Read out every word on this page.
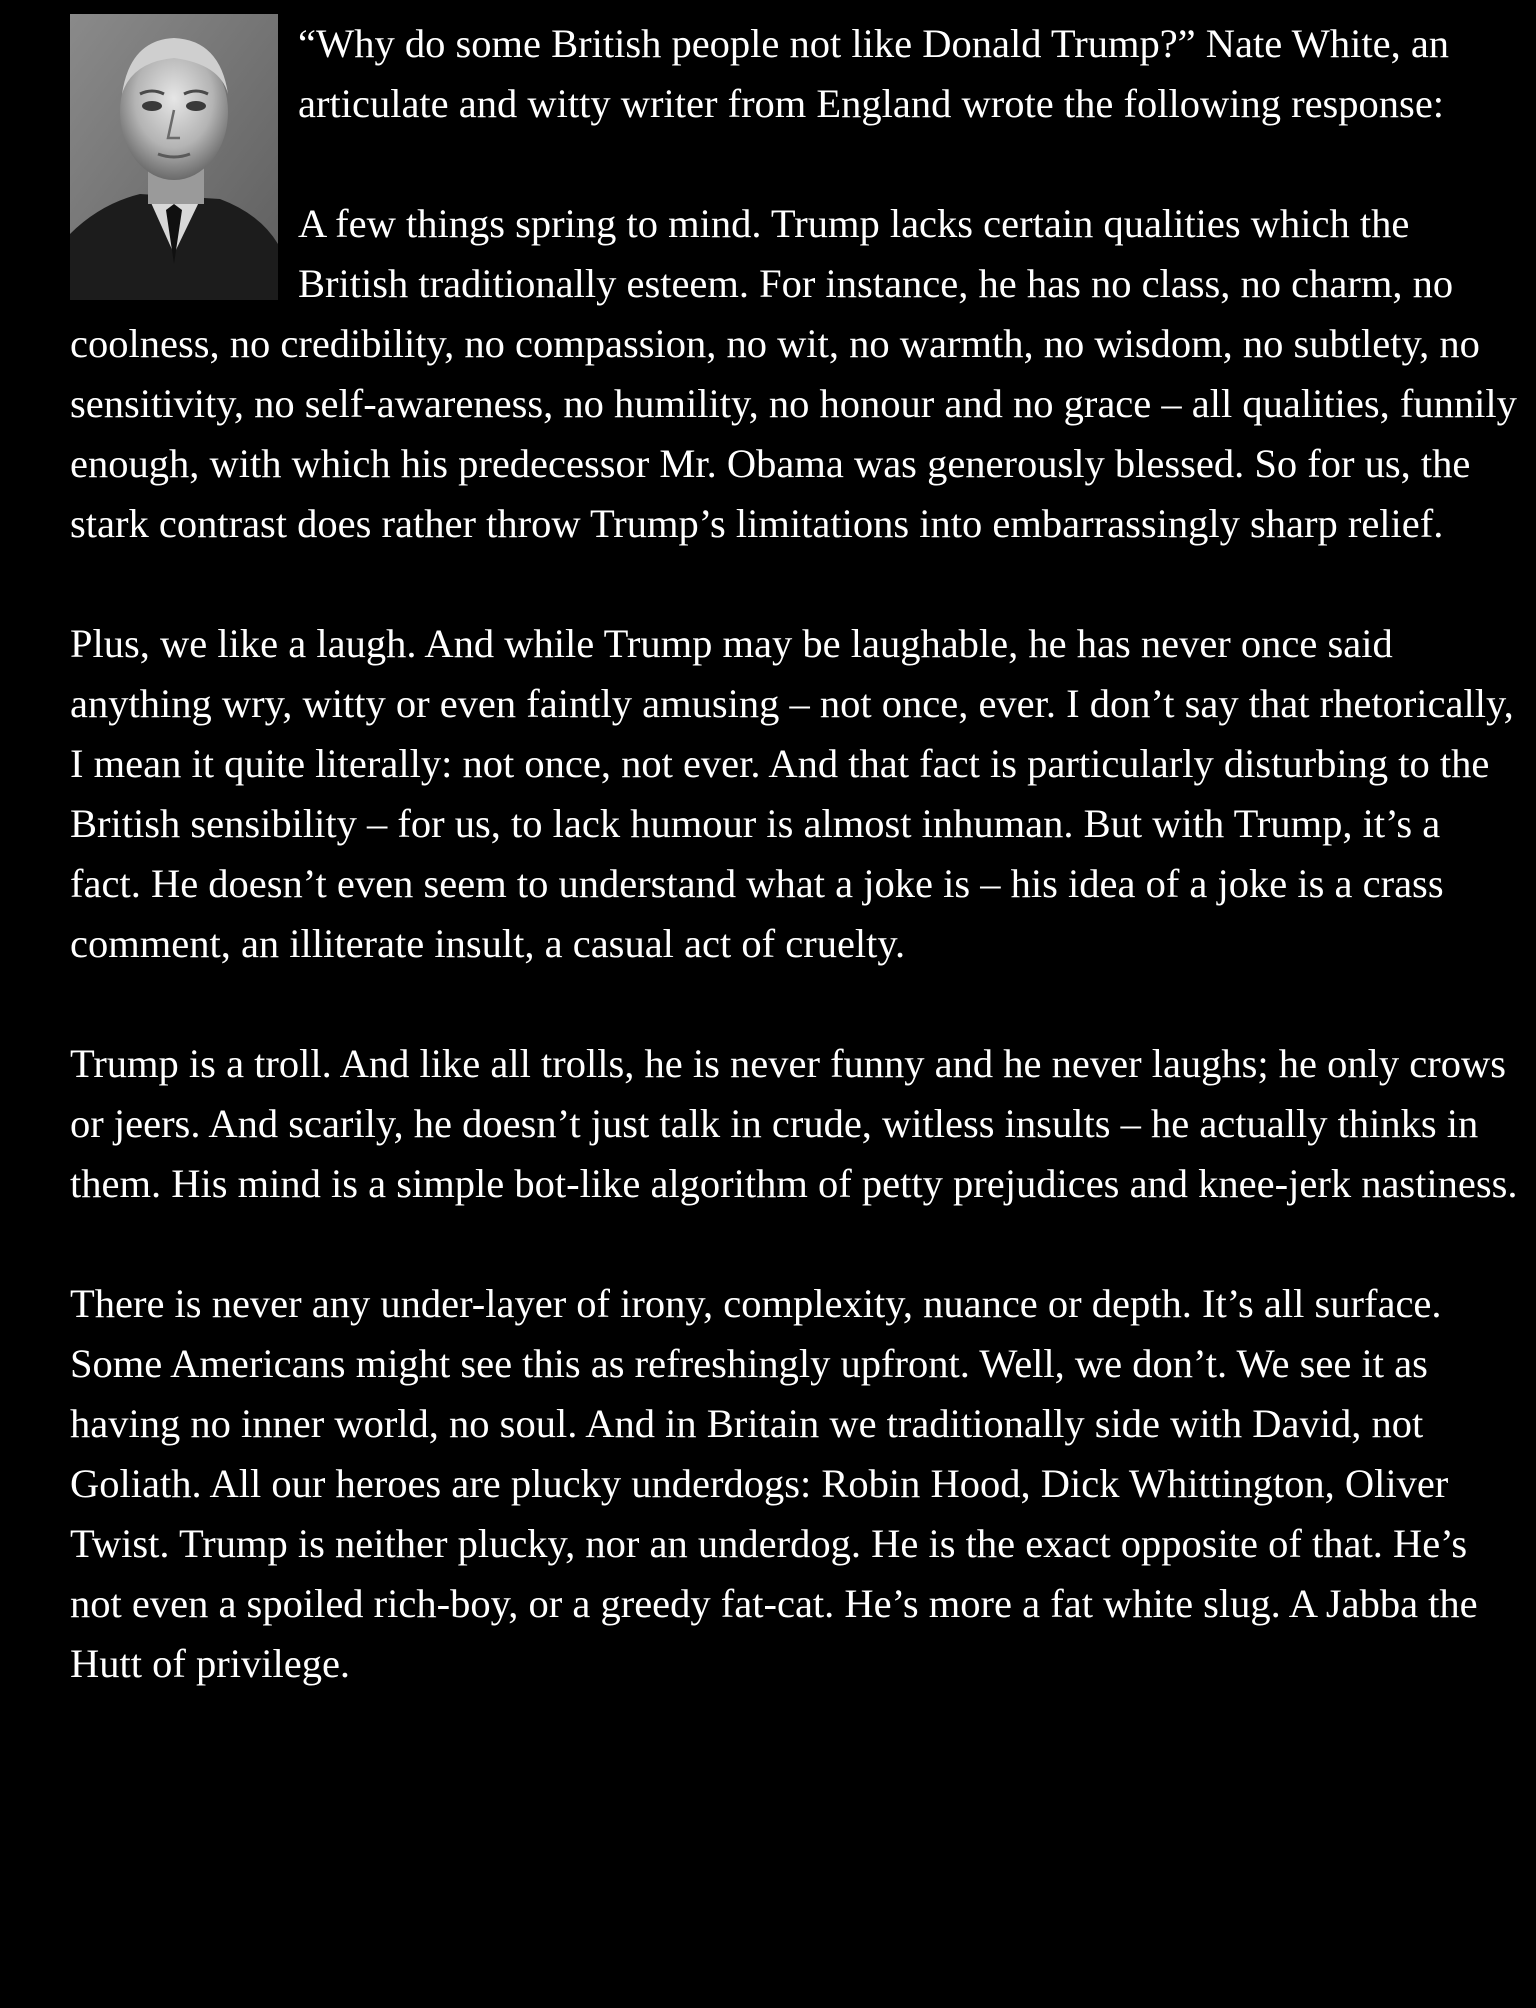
“Why do some British people not like Donald Trump?” Nate White, an articulate and witty writer from England wrote the following response:

A few things spring to mind. Trump lacks certain qualities which the British traditionally esteem. For instance, he has no class, no charm, no coolness, no credibility, no compassion, no wit, no warmth, no wisdom, no subtlety, no sensitivity, no self-awareness, no humility, no honour and no grace – all qualities, funnily enough, with which his predecessor Mr. Obama was generously blessed. So for us, the stark contrast does rather throw Trump’s limitations into embarrassingly sharp relief.

Plus, we like a laugh. And while Trump may be laughable, he has never once said anything wry, witty or even faintly amusing – not once, ever. I don’t say that rhetorically, I mean it quite literally: not once, not ever. And that fact is particularly disturbing to the British sensibility – for us, to lack humour is almost inhuman. But with Trump, it’s a fact. He doesn’t even seem to understand what a joke is – his idea of a joke is a crass comment, an illiterate insult, a casual act of cruelty.

Trump is a troll. And like all trolls, he is never funny and he never laughs; he only crows or jeers. And scarily, he doesn’t just talk in crude, witless insults – he actually thinks in them. His mind is a simple bot-like algorithm of petty prejudices and knee-jerk nastiness.

There is never any under-layer of irony, complexity, nuance or depth. It’s all surface. Some Americans might see this as refreshingly upfront. Well, we don’t. We see it as having no inner world, no soul. And in Britain we traditionally side with David, not Goliath. All our heroes are plucky underdogs: Robin Hood, Dick Whittington, Oliver Twist. Trump is neither plucky, nor an underdog. He is the exact opposite of that. He’s not even a spoiled rich-boy, or a greedy fat-cat. He’s more a fat white slug. A Jabba the Hutt of privilege.
